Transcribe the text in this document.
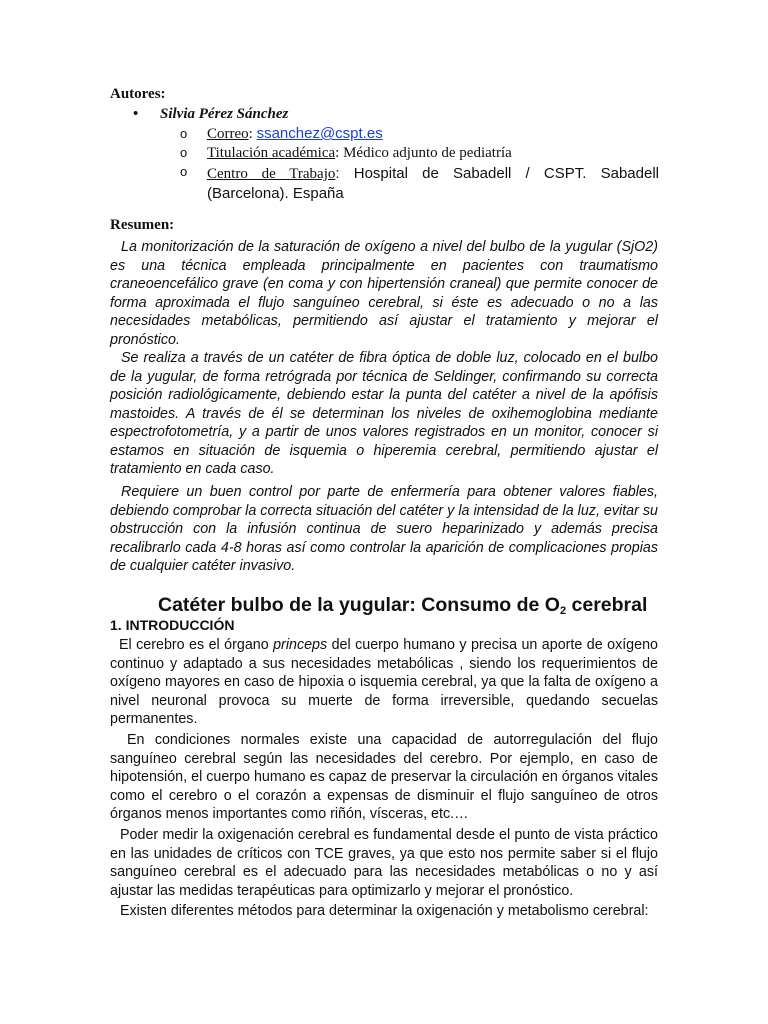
Autores:
• Silvia Pérez Sánchez
o Correo: ssanchez@cspt.es
o Titulación académica: Médico adjunto de pediatría
o	Centro de Trabajo: Hospital de Sabadell / CSPT. Sabadell (Barcelona). España
Resumen:

La monitorización de la saturación de oxígeno a nivel del bulbo de la yugular (SjO2) es una técnica empleada principalmente en pacientes con traumatismo craneoencefálico grave (en coma y con hipertensión craneal) que permite conocer de forma aproximada el flujo sanguíneo cerebral, si éste es adecuado o no a las necesidades metabólicas, permitiendo así ajustar el tratamiento y mejorar el pronóstico.

Se realiza a través de un catéter de fibra óptica de doble luz, colocado en el bulbo de la yugular, de forma retrógrada por técnica de Seldinger, confirmando su correcta posición radiológicamente, debiendo estar la punta del catéter a nivel de la apófisis mastoides. A través de él se determinan los niveles de oxihemoglobina mediante espectrofotometría, y a partir de unos valores registrados en un monitor, conocer si estamos en situación de isquemia o hiperemia cerebral, permitiendo ajustar el tratamiento en cada caso.

Requiere un buen control por parte de enfermería para obtener valores fiables, debiendo comprobar la correcta situación del catéter y la intensidad de la luz, evitar su obstrucción con la infusión continua de suero heparinizado y además precisa recalibrarlo cada 4-8 horas así como controlar la aparición de complicaciones propias de cualquier catéter invasivo.

Catéter bulbo de la yugular: Consumo de $O_2$ cerebral
1. INTRODUCCIÓN

El cerebro es el órgano princeps del cuerpo humano y precisa un aporte de oxígeno continuo y adaptado a sus necesidades metabólicas , siendo los requerimientos de oxígeno mayores en caso de hipoxia o isquemia cerebral, ya que la falta de oxígeno a nivel neuronal provoca su muerte de forma irreversible, quedando secuelas permanentes.

En condiciones normales existe una capacidad de autorregulación del flujo sanguíneo cerebral según las necesidades del cerebro. Por ejemplo, en caso de hipotensión, el cuerpo humano es capaz de preservar la circulación en órganos vitales como el cerebro o el corazón a expensas de disminuir el flujo sanguíneo de otros órganos menos importantes como riñón, vísceras, etc.…

Poder medir la oxigenación cerebral es fundamental desde el punto de vista práctico en las unidades de críticos con TCE graves, ya que esto nos permite saber si el flujo sanguíneo cerebral es el adecuado para las necesidades metabólicas o no y así ajustar las medidas terapéuticas para optimizarlo y mejorar el pronóstico.

Existen diferentes métodos para determinar la oxigenación y metabolismo cerebral:
